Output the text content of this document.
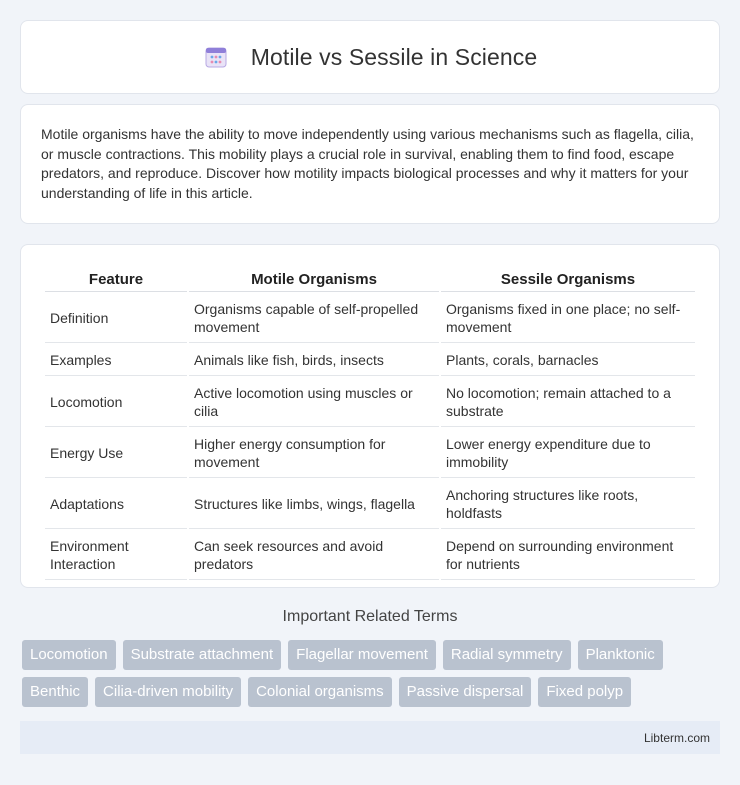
Motile vs Sessile in Science

Motile organisms have the ability to move independently using various mechanisms such as flagella, cilia, or muscle contractions. This mobility plays a crucial role in survival, enabling them to find food, escape predators, and reproduce. Discover how motility impacts biological processes and why it matters for your understanding of life in this article.

Feature	Motile Organisms	Sessile Organisms
Definition	Organisms capable of self-propelled movement	Organisms fixed in one place; no self-movement
Examples	Animals like fish, birds, insects	Plants, corals, barnacles
Locomotion	Active locomotion using muscles or cilia	No locomotion; remain attached to a substrate
Energy Use	Higher energy consumption for movement	Lower energy expenditure due to immobility
Adaptations	Structures like limbs, wings, flagella	Anchoring structures like roots, holdfasts
Environment Interaction	Can seek resources and avoid predators	Depend on surrounding environment for nutrients
Important Related Terms
Locomotion	Substrate attachment	Flagellar movement	Radial symmetry	Planktonic
Benthic	Cilia-driven mobility	Colonial organisms	Passive dispersal	Fixed polyp
Libterm.com
